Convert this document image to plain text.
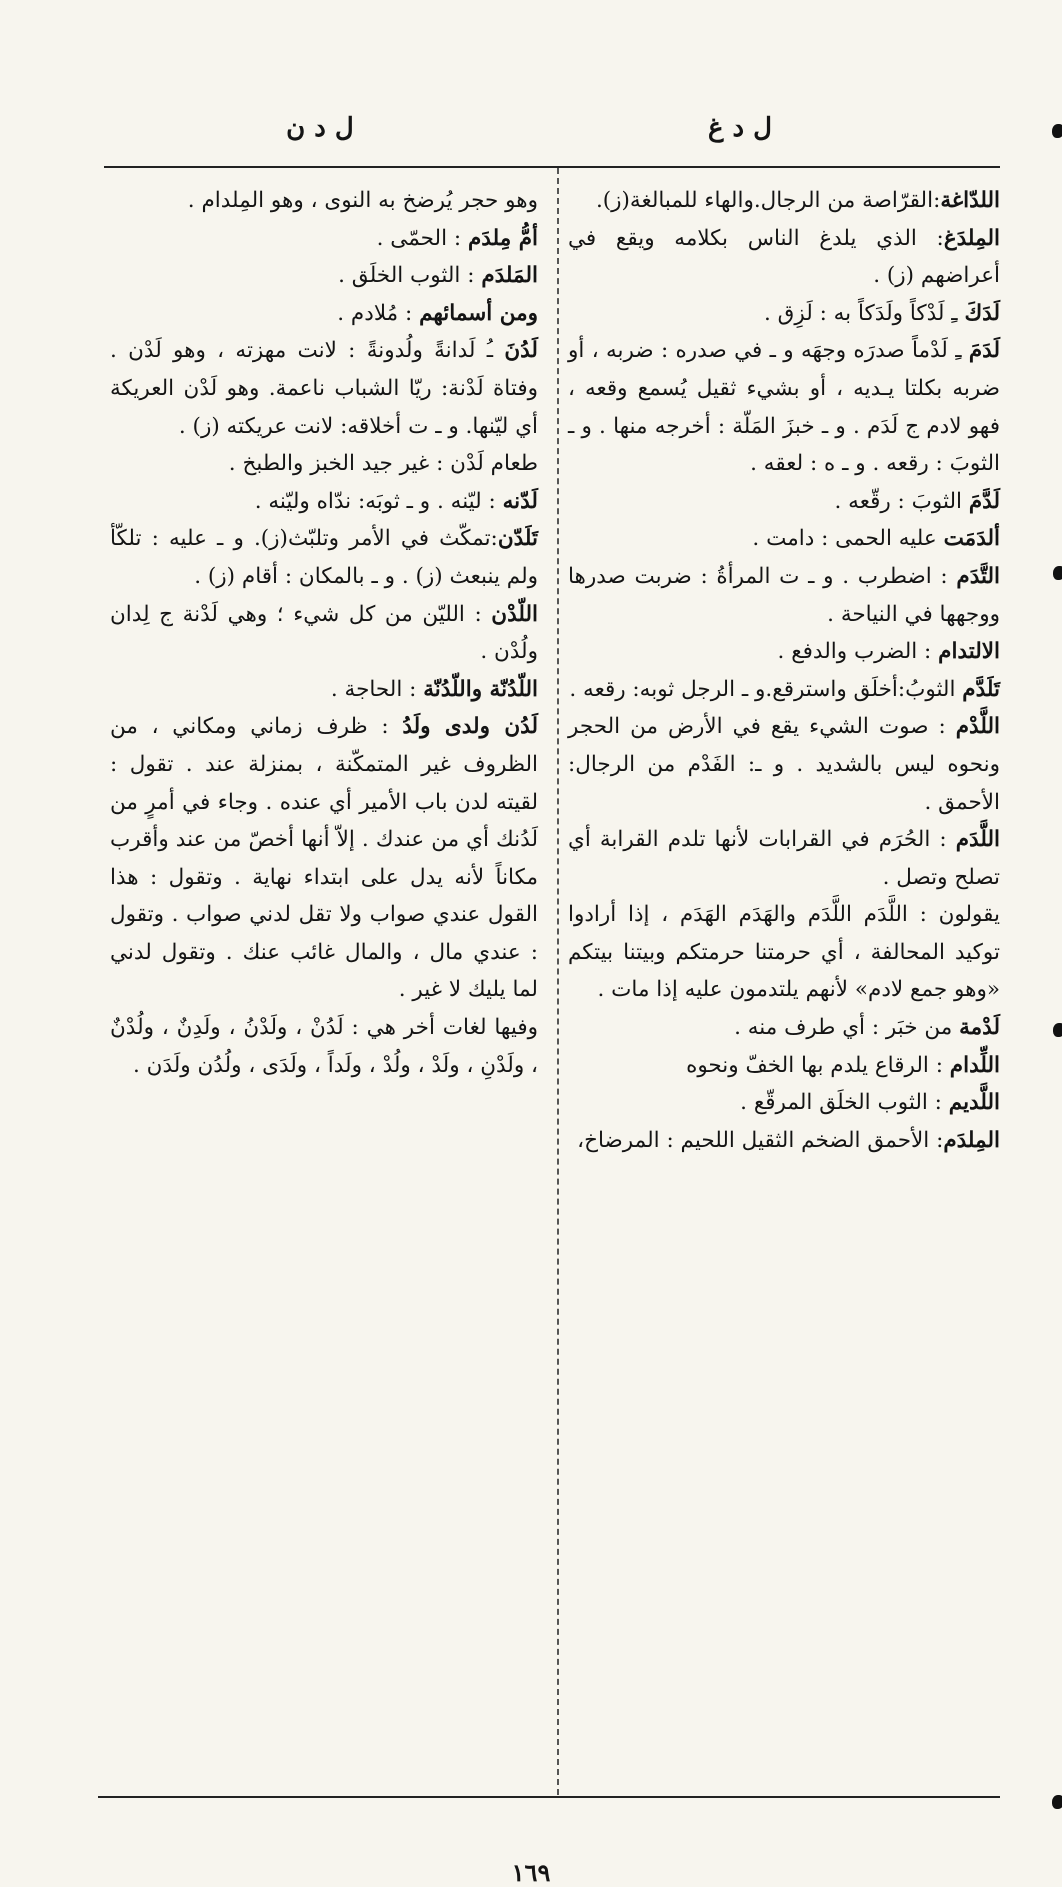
ل د غ
ل د ن

اللدّاغة:القرّاصة من الرجال.والهاء للمبالغة(ز).

المِلدَغ: الذي يلدغ الناس بكلامه ويقع في أعراضهم (ز) .

لَدَكَ ـِ لَدْكاً ولَدَكاً به : لَزِق .

لَدَمَ ـِ لَدْماً صدرَه وجهَه و ـ في صدره : ضربه ، أو ضربه بكلتا يـديه ، أو بشيء ثقيل يُسمع وقعه ، فهو لادم ج لَدَم . و ـ خبزَ المَلّة : أخرجه منها . و ـ الثوبَ : رقعه . و ـ ه : لعقه .

لَدَّمَ الثوبَ : رقّعه .

ألدَمَت عليه الحمى : دامت .

التَّدَم : اضطرب . و ـ ت المرأةُ : ضربت صدرها ووجهها في النياحة .

الالتدام : الضرب والدفع .

تَلَدَّم الثوبُ:أخلَق واسترقع.و ـ الرجل ثوبه: رقعه .

اللَّدْم : صوت الشيء يقع في الأرض من الحجر ونحوه ليس بالشديد . و ـ: الفَدْم من الرجال: الأحمق .

اللَّدَم : الحُرَم في القرابات لأنها تلدم القرابة أي تصلح وتصل .

يقولون : اللَّدَم اللَّدَم والهَدَم الهَدَم ، إذا أرادوا توكيد المحالفة ، أي حرمتنا حرمتكم وبيتنا بيتكم «وهو جمع لادم» لأنهم يلتدمون عليه إذا مات .

لَدْمة من خبَر : أي طرف منه .

اللِّدام : الرقاع يلدم بها الخفّ ونحوه

اللَّديم : الثوب الخلَق المرقّع .

المِلدَم: الأحمق الضخم الثقيل اللحيم : المرضاخ،

وهو حجر يُرضخ به النوى ، وهو المِلدام .

أمُّ مِلدَم : الحمّى .

المَلدَم : الثوب الخلَق .

ومن أسمائهم : مُلادم .

لَدُنَ ـُ لَدانةً ولُدونةً : لانت مهزته ، وهو لَدْن . وفتاة لَدْنة: ريّا الشباب ناعمة. وهو لَدْن العريكة أي ليّنها. و ـ ت أخلاقه: لانت عريكته (ز) .

طعام لَدْن : غير جيد الخبز والطبخ .

لَدّنه : ليّنه . و ـ ثوبَه: ندّاه وليّنه .

تَلَدّن:تمكّث في الأمر وتلبّث(ز). و ـ عليه : تلكّأ ولم ينبعث (ز) . و ـ بالمكان : أقام (ز) .

اللّدْن : الليّن من كل شيء ؛ وهي لَدْنة ج لِدان ولُدْن .

اللّدُنّة واللّدُنّة : الحاجة .

لَدُن ولدى ولَدُ : ظرف زماني ومكاني ، من الظروف غير المتمكّنة ، بمنزلة عند . تقول : لقيته لدن باب الأمير أي عنده . وجاء في أمرٍ من لَدُنك أي من عندك . إلاّ أنها أخصّ من عند وأقرب مكاناً لأنه يدل على ابتداء نهاية . وتقول : هذا القول عندي صواب ولا تقل لدني صواب . وتقول : عندي مال ، والمال غائب عنك . وتقول لدني لما يليك لا غير .

وفيها لغات أخر هي : لَدُنْ ، ولَدْنُ ، ولَدِنٌ ، ولُدْنٌ ، ولَدْنِ ، ولَدْ ، ولُدْ ، ولَداً ، ولَدَى ، ولُدُن ولَدَن .

١٦٩
